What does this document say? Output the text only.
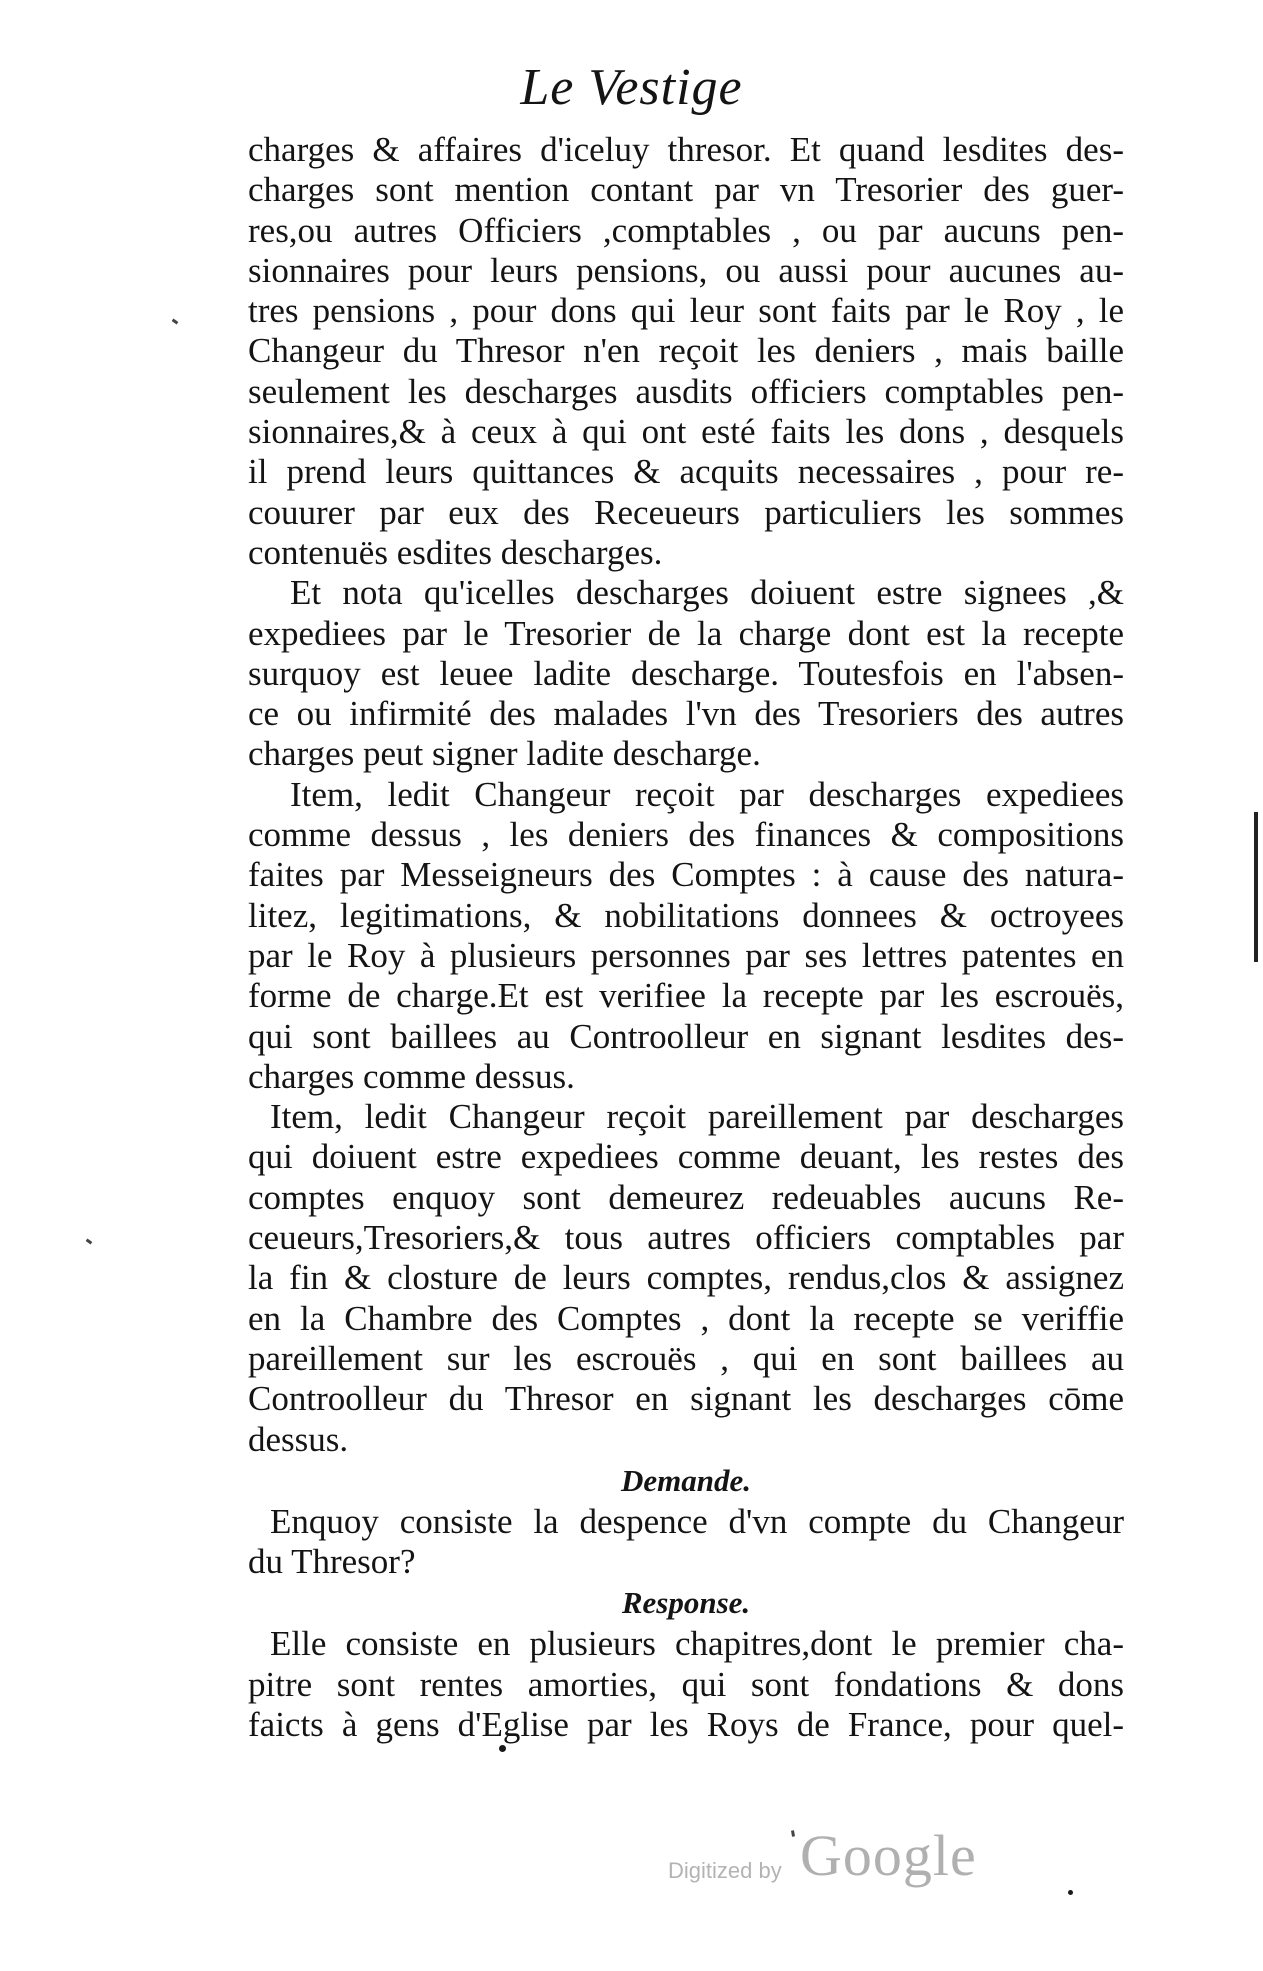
Le Vestige
charges & affaires d'iceluy thresor. Et quand lesdites des-
charges sont mention contant par vn Tresorier des guer-
res,ou autres Officiers ,comptables , ou par aucuns pen-
sionnaires pour leurs pensions, ou aussi pour aucunes au-
tres pensions , pour dons qui leur sont faits par le Roy , le
Changeur du Thresor n'en reçoit les deniers , mais baille
seulement les descharges ausdits officiers comptables pen-
sionnaires,& à ceux à qui ont esté faits les dons , desquels
il prend leurs quittances & acquits necessaires , pour re-
couurer par eux des Receueurs particuliers les sommes
contenuës esdites descharges.
Et nota qu'icelles descharges doiuent estre signees ,&
expediees par le Tresorier de la charge dont est la recepte
surquoy est leuee ladite descharge. Toutesfois en l'absen-
ce ou infirmité des malades l'vn des Tresoriers des autres
charges peut signer ladite descharge.
Item, ledit Changeur reçoit par descharges expediees
comme dessus , les deniers des finances & compositions
faites par Messeigneurs des Comptes : à cause des natura-
litez, legitimations, & nobilitations donnees & octroyees
par le Roy à plusieurs personnes par ses lettres patentes en
forme de charge.Et est verifiee la recepte par les escrouës,
qui sont baillees au Controolleur en signant lesdites des-
charges comme dessus.
Item, ledit Changeur reçoit pareillement par descharges
qui doiuent estre expediees comme deuant, les restes des
comptes enquoy sont demeurez redeuables aucuns Re-
ceueurs,Tresoriers,& tous autres officiers comptables par
la fin & closture de leurs comptes, rendus,clos & assignez
en la Chambre des Comptes , dont la recepte se veriffie
pareillement sur les escrouës , qui en sont baillees au
Controolleur du Thresor en signant les descharges cōme
dessus.
Demande.
Enquoy consiste la despence d'vn compte du Changeur
du Thresor?
Response.
Elle consiste en plusieurs chapitres,dont le premier cha-
pitre sont rentes amorties, qui sont fondations & dons
faicts à gens d'Eglise par les Roys de France, pour quel-
Digitized by Google
